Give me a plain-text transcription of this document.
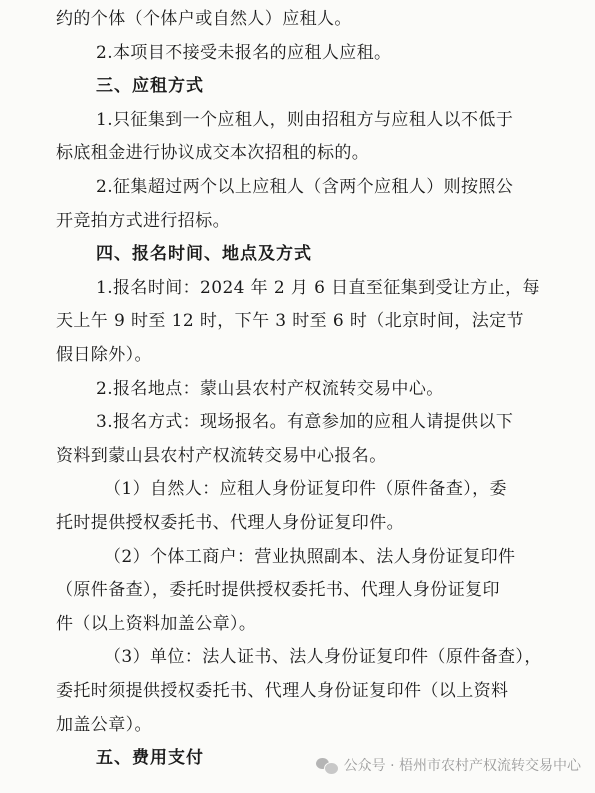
约的个体（个体户或自然人）应租人。
2.本项目不接受未报名的应租人应租。
三、应租方式
1.只征集到一个应租人，则由招租方与应租人以不低于
标底租金进行协议成交本次招租的标的。
2.征集超过两个以上应租人（含两个应租人）则按照公
开竞拍方式进行招标。
四、报名时间、地点及方式
1.报名时间：2024 年 2 月 6 日直至征集到受让方止，每
天上午 9 时至 12 时，下午 3 时至 6 时（北京时间，法定节
假日除外）。
2.报名地点：蒙山县农村产权流转交易中心。
3.报名方式：现场报名。有意参加的应租人请提供以下
资料到蒙山县农村产权流转交易中心报名。
（1）自然人：应租人身份证复印件（原件备查），委
托时提供授权委托书、代理人身份证复印件。
（2）个体工商户：营业执照副本、法人身份证复印件
（原件备查），委托时提供授权委托书、代理人身份证复印
件（以上资料加盖公章）。
（3）单位：法人证书、法人身份证复印件（原件备查），
委托时须提供授权委托书、代理人身份证复印件（以上资料
加盖公章）。
五、费用支付	公众号 · 梧州市农村产权流转交易中心
